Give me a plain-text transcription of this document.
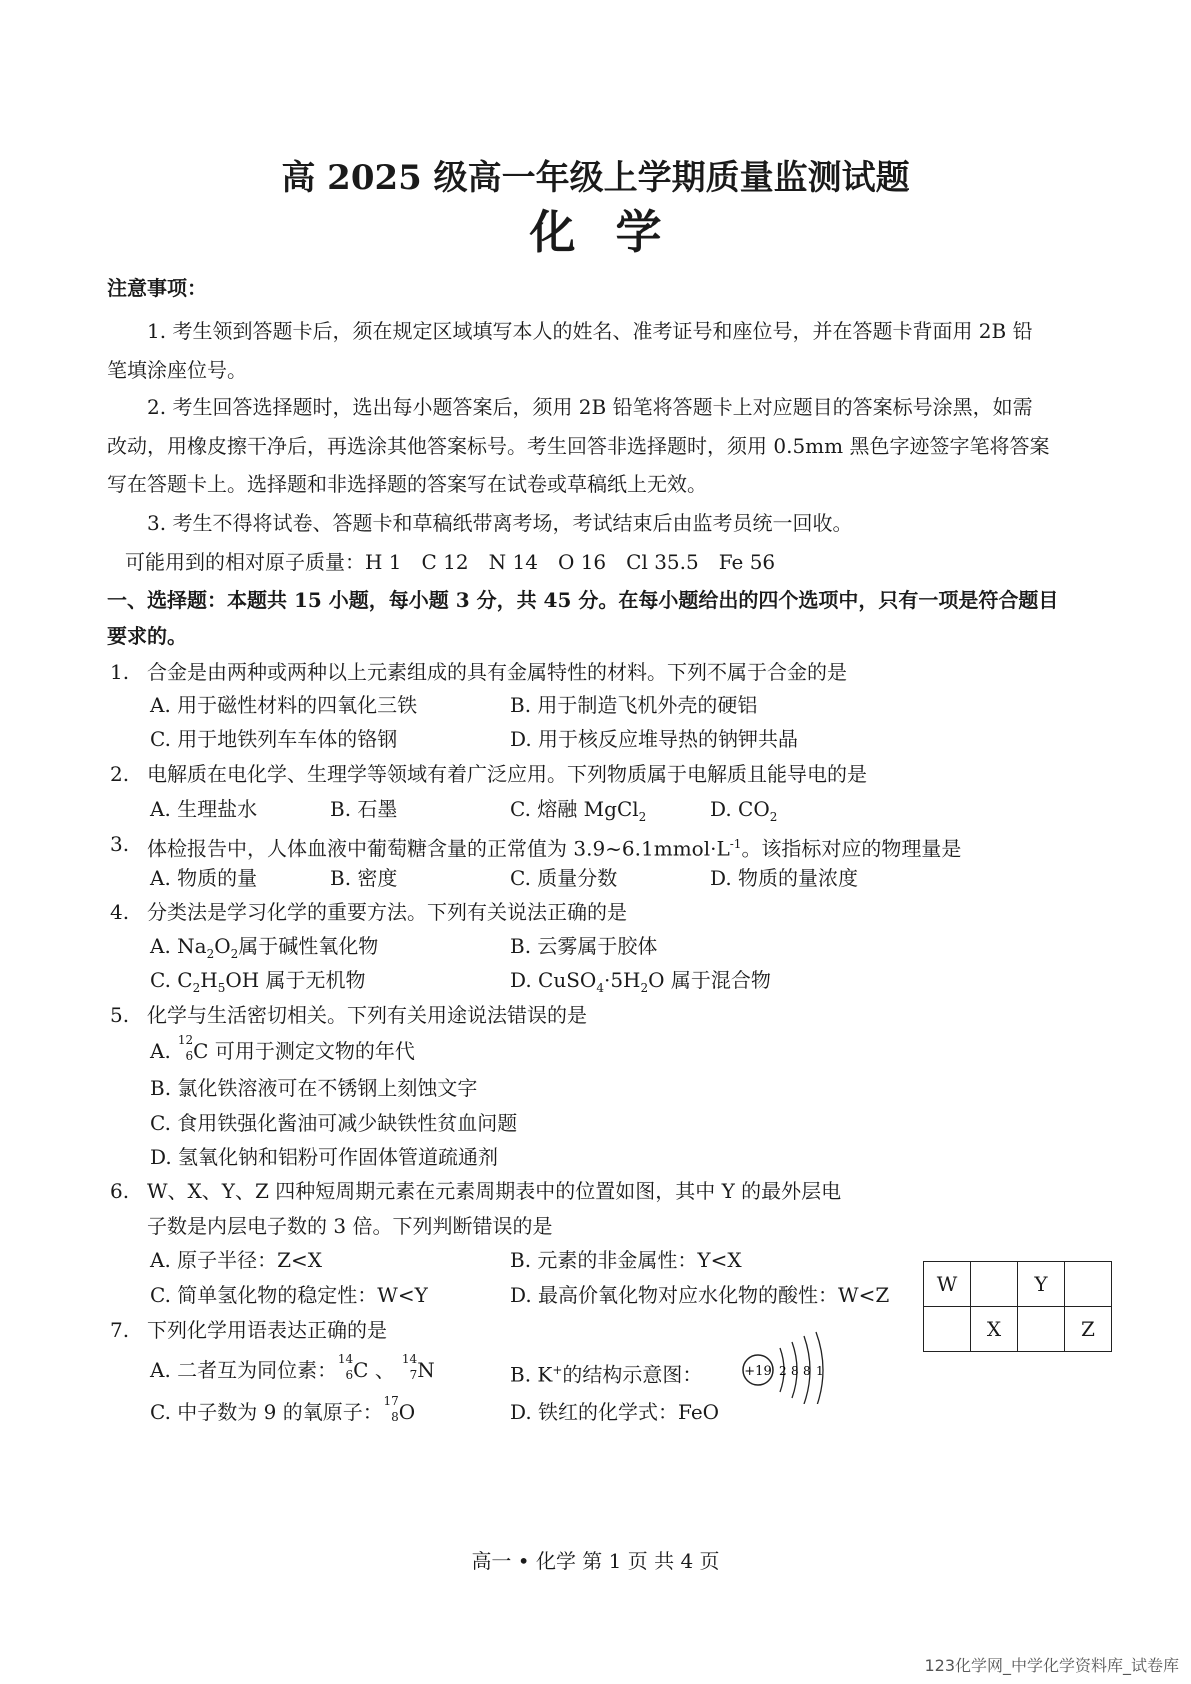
高 2025 级高一年级上学期质量监测试题
化学
注意事项：
1. 考生领到答题卡后，须在规定区域填写本人的姓名、准考证号和座位号，并在答题卡背面用 2B 铅
笔填涂座位号。
2. 考生回答选择题时，选出每小题答案后，须用 2B 铅笔将答题卡上对应题目的答案标号涂黑，如需
改动，用橡皮擦干净后，再选涂其他答案标号。考生回答非选择题时，须用 0.5mm 黑色字迹签字笔将答案
写在答题卡上。选择题和非选择题的答案写在试卷或草稿纸上无效。
3. 考生不得将试卷、答题卡和草稿纸带离考场，考试结束后由监考员统一回收。
可能用到的相对原子质量：H 1　C 12　N 14　O 16　Cl 35.5　Fe 56
一、选择题：本题共 15 小题，每小题 3 分，共 45 分。在每小题给出的四个选项中，只有一项是符合题目
要求的。
1. 合金是由两种或两种以上元素组成的具有金属特性的材料。下列不属于合金的是
A. 用于磁性材料的四氧化三铁	B. 用于制造飞机外壳的硬铝
C. 用于地铁列车车体的铬钢	D. 用于核反应堆导热的钠钾共晶
2. 电解质在电化学、生理学等领域有着广泛应用。下列物质属于电解质且能导电的是
A. 生理盐水	B. 石墨	C. 熔融 MgCl$_2$	D. $CO_2$
3. 体检报告中，人体血液中葡萄糖含量的正常值为 $3.9\sim 6.1mmol\cdot L^{-1}$。该指标对应的物理量是
A. 物质的量	B. 密度	C. 质量分数	D. 物质的量浓度
4. 分类法是学习化学的重要方法。下列有关说法正确的是
A. $Na_2O_2$属于碱性氧化物	B. 云雾属于胶体
C. $C_2H_5OH$ 属于无机物	D. $CuSO_4\cdot 5H_2O$ 属于混合物
5. 化学与生活密切相关。下列有关用途说法错误的是
A. 12
6 C 可用于测定文物的年代
B. 氯化铁溶液可在不锈钢上刻蚀文字
C. 食用铁强化酱油可减少缺铁性贫血问题
D. 氢氧化钠和铝粉可作固体管道疏通剂
6. W、X、Y、Z 四种短周期元素在元素周期表中的位置如图，其中 Y 的最外层电
子数是内层电子数的 3 倍。下列判断错误的是
W		Y	
	X		Z
A. 原子半径：Z<X	B. 元素的非金属性：Y<X
C. 简单氢化物的稳定性：W<Y	D. 最高价氧化物对应水化物的酸性：W<Z
7. 下列化学用语表达正确的是
A. 二者互为同位素： 14
6 C 、 14
7 N	B. K+的结构示意图：	+19 2 8 8 1
C. 中子数为 9 的氧原子： 17
8 O	D. 铁红的化学式：FeO
高一 • 化学 第 1 页 共 4 页
123化学网_中学化学资料库_试卷库
